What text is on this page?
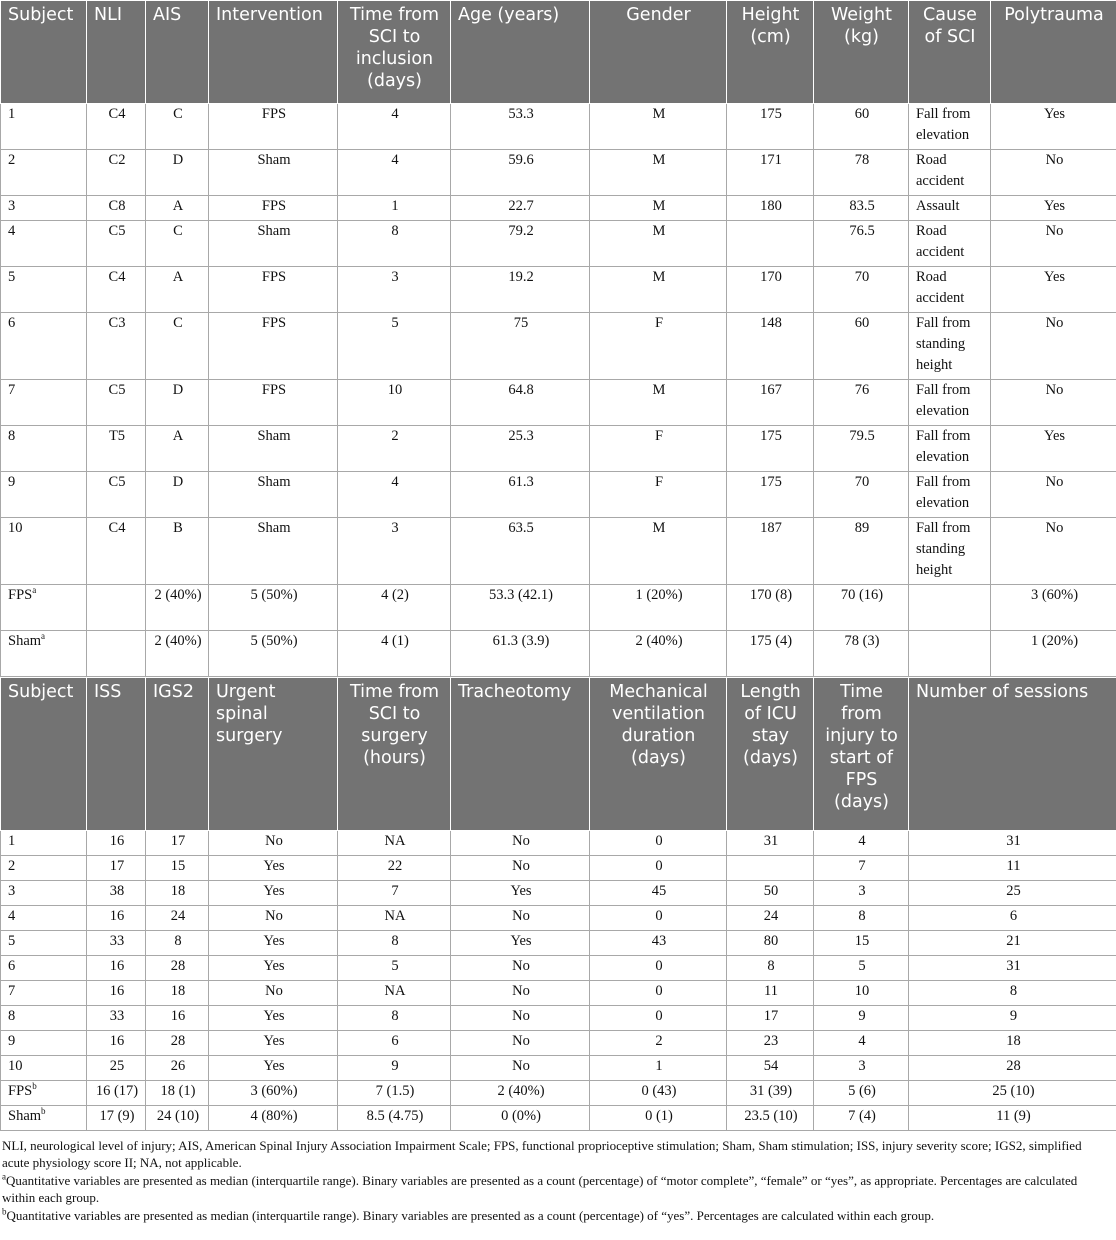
Subject	NLI	AIS	Intervention	Time from SCI to inclusion (days)	Age (years)	Gender	Height (cm)	Weight (kg)	Cause of SCI	Polytrauma
1	C4	C	FPS	4	53.3	M	175	60	Fall from elevation	Yes
2	C2	D	Sham	4	59.6	M	171	78	Road accident	No
3	C8	A	FPS	1	22.7	M	180	83.5	Assault	Yes
4	C5	C	Sham	8	79.2	M		76.5	Road accident	No
5	C4	A	FPS	3	19.2	M	170	70	Road accident	Yes
6	C3	C	FPS	5	75	F	148	60	Fall from standing height	No
7	C5	D	FPS	10	64.8	M	167	76	Fall from elevation	No
8	T5	A	Sham	2	25.3	F	175	79.5	Fall from elevation	Yes
9	C5	D	Sham	4	61.3	F	175	70	Fall from elevation	No
10	C4	B	Sham	3	63.5	M	187	89	Fall from standing height	No
FPS$^a$		2 (40%)	5 (50%)	4 (2)	53.3 (42.1)	1 (20%)	170 (8)	70 (16)		3 (60%)
Sham$^a$		2 (40%)	5 (50%)	4 (1)	61.3 (3.9)	2 (40%)	175 (4)	78 (3)		1 (20%)
Subject	ISS	IGS2	Urgent spinal surgery	Time from SCI to surgery (hours)	Tracheotomy	Mechanical ventilation duration (days)	Length of ICU stay (days)	Time from injury to start of FPS (days)	Number of sessions
1	16	17	No	NA	No	0	31	4	31
2	17	15	Yes	22	No	0		7	11
3	38	18	Yes	7	Yes	45	50	3	25
4	16	24	No	NA	No	0	24	8	6
5	33	8	Yes	8	Yes	43	80	15	21
6	16	28	Yes	5	No	0	8	5	31
7	16	18	No	NA	No	0	11	10	8
8	33	16	Yes	8	No	0	17	9	9
9	16	28	Yes	6	No	2	23	4	18
10	25	26	Yes	9	No	1	54	3	28
FPS$^b$	16 (17)	18 (1)	3 (60%)	7 (1.5)	2 (40%)	0 (43)	31 (39)	5 (6)	25 (10)
Sham$^b$	17 (9)	24 (10)	4 (80%)	8.5 (4.75)	0 (0%)	0 (1)	23.5 (10)	7 (4)	11 (9)

NLI, neurological level of injury; AIS, American Spinal Injury Association Impairment Scale; FPS, functional proprioceptive stimulation; Sham, Sham stimulation; ISS, injury severity score; IGS2, simplified acute physiology score II; NA, not applicable.

$^a$Quantitative variables are presented as median (interquartile range). Binary variables are presented as a count (percentage) of “motor complete”, “female” or “yes”, as appropriate. Percentages are calculated within each group.

$^b$Quantitative variables are presented as median (interquartile range). Binary variables are presented as a count (percentage) of “yes”. Percentages are calculated within each group.
